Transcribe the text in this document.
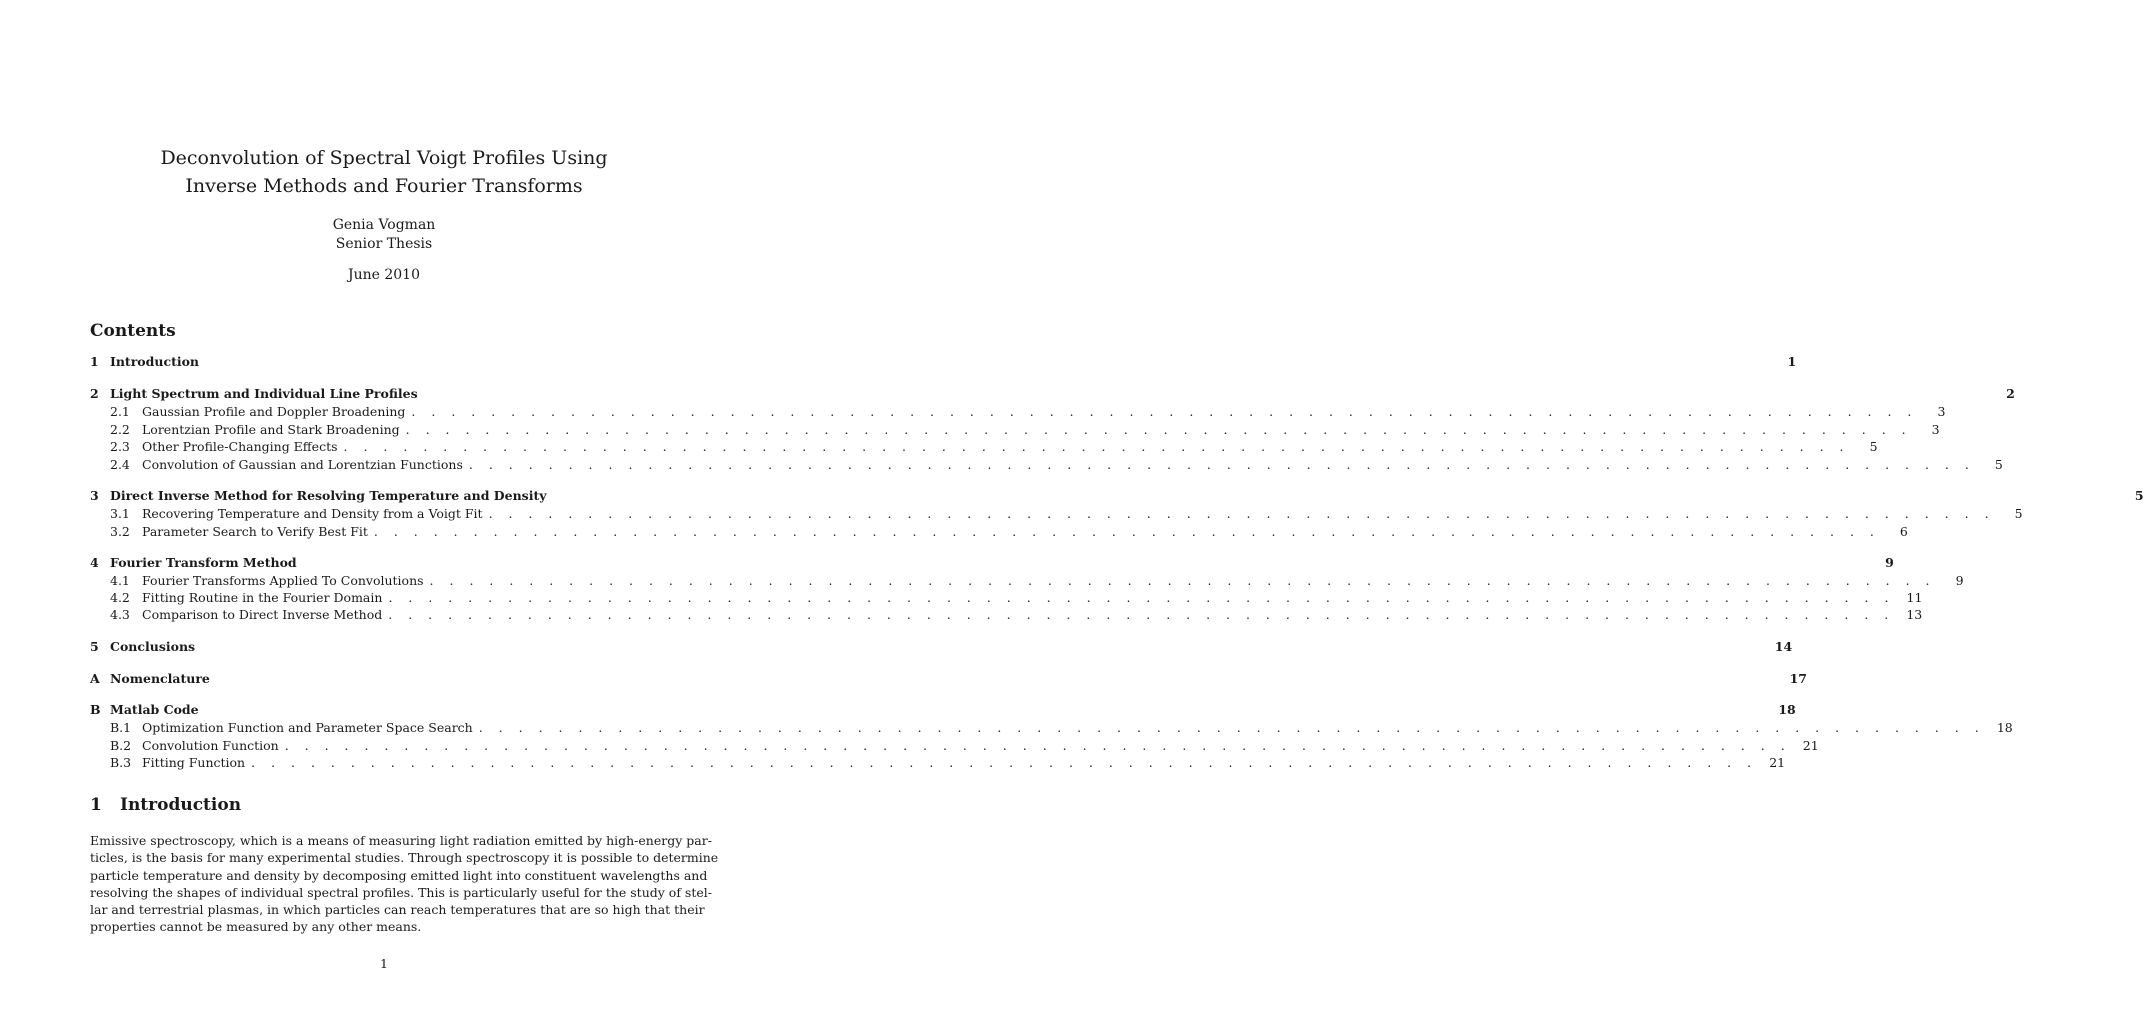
Deconvolution of Spectral Voigt Profiles Using
Inverse Methods and Fourier Transforms
Genia Vogman
Senior Thesis
June 2010
Contents
1 Introduction	1
2 Light Spectrum and Individual Line Profiles	2
2.1 Gaussian Profile and Doppler Broadening . . . . . . . . . . . . . . . . . . . . . . . . . . . . . . . . . . . . . . . . . . . . . . . . . . . . . . . . . . . . . . . . . . . . . . . . . . . .	3
2.2 Lorentzian Profile and Stark Broadening . . . . . . . . . . . . . . . . . . . . . . . . . . . . . . . . . . . . . . . . . . . . . . . . . . . . . . . . . . . . . . . . . . . . . . . . . . . .	3
2.3 Other Profile-Changing Effects . . . . . . . . . . . . . . . . . . . . . . . . . . . . . . . . . . . . . . . . . . . . . . . . . . . . . . . . . . . . . . . . . . . . . . . . . . . .	5
2.4 Convolution of Gaussian and Lorentzian Functions . . . . . . . . . . . . . . . . . . . . . . . . . . . . . . . . . . . . . . . . . . . . . . . . . . . . . . . . . . . . . . . . . . . . . . . . . . . .	5
3 Direct Inverse Method for Resolving Temperature and Density	5
3.1 Recovering Temperature and Density from a Voigt Fit . . . . . . . . . . . . . . . . . . . . . . . . . . . . . . . . . . . . . . . . . . . . . . . . . . . . . . . . . . . . . . . . . . . . . . . . . . . .	5
3.2 Parameter Search to Verify Best Fit . . . . . . . . . . . . . . . . . . . . . . . . . . . . . . . . . . . . . . . . . . . . . . . . . . . . . . . . . . . . . . . . . . . . . . . . . . . .	6
4 Fourier Transform Method	9
4.1 Fourier Transforms Applied To Convolutions . . . . . . . . . . . . . . . . . . . . . . . . . . . . . . . . . . . . . . . . . . . . . . . . . . . . . . . . . . . . . . . . . . . . . . . . . . . .	9
4.2 Fitting Routine in the Fourier Domain . . . . . . . . . . . . . . . . . . . . . . . . . . . . . . . . . . . . . . . . . . . . . . . . . . . . . . . . . . . . . . . . . . . . . . . . . . . . 11
4.3 Comparison to Direct Inverse Method . . . . . . . . . . . . . . . . . . . . . . . . . . . . . . . . . . . . . . . . . . . . . . . . . . . . . . . . . . . . . . . . . . . . . . . . . . . . 13
5 Conclusions	14
A Nomenclature	17
B Matlab Code	18
B.1 Optimization Function and Parameter Space Search . . . . . . . . . . . . . . . . . . . . . . . . . . . . . . . . . . . . . . . . . . . . . . . . . . . . . . . . . . . . . . . . . . . . . . . . . . . . 18
B.2 Convolution Function . . . . . . . . . . . . . . . . . . . . . . . . . . . . . . . . . . . . . . . . . . . . . . . . . . . . . . . . . . . . . . . . . . . . . . . . . . . . 21
B.3 Fitting Function . . . . . . . . . . . . . . . . . . . . . . . . . . . . . . . . . . . . . . . . . . . . . . . . . . . . . . . . . . . . . . . . . . . . . . . . . . . . 21
1	Introduction
Emissive spectroscopy, which is a means of measuring light radiation emitted by high-energy par-
ticles, is the basis for many experimental studies. Through spectroscopy it is possible to determine
particle temperature and density by decomposing emitted light into constituent wavelengths and
resolving the shapes of individual spectral profiles. This is particularly useful for the study of stel-
lar and terrestrial plasmas, in which particles can reach temperatures that are so high that their
properties cannot be measured by any other means.
1
